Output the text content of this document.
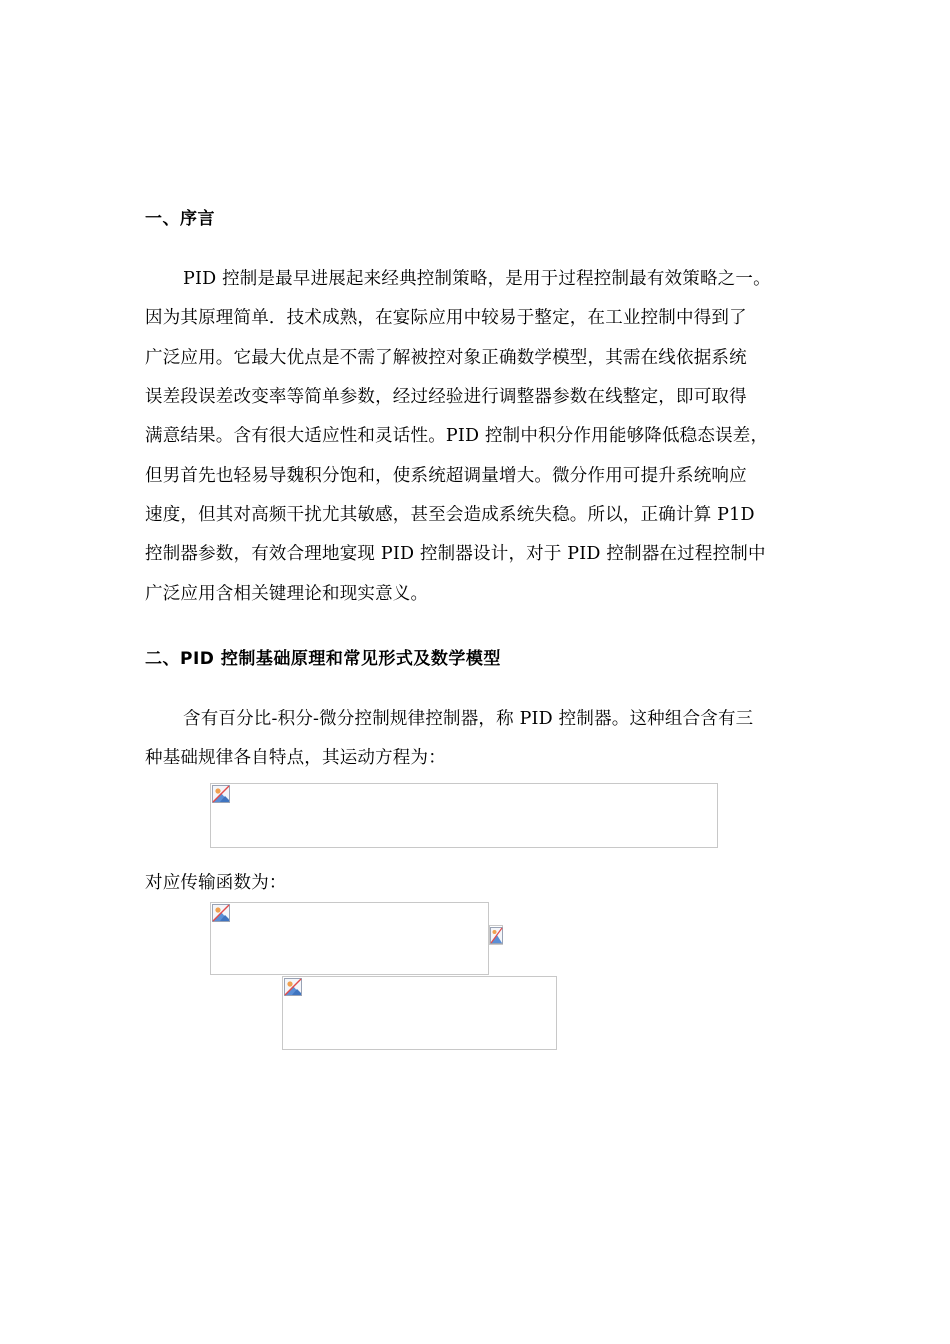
一、序言
PID 控制是最早进展起来经典控制策略，是用于过程控制最有效策略之一。
因为其原理简单．技术成熟，在宴际应用中较易于整定，在工业控制中得到了
广泛应用。它最大优点是不需了解被控对象正确数学模型，其需在线依据系统
误差段误差改变率等简单参数，经过经验进行调整器参数在线整定，即可取得
满意结果。含有很大适应性和灵话性。PID 控制中积分作用能够降低稳态误差，
但男首先也轻易导魏积分饱和，使系统超调量增大。微分作用可提升系统响应
速度，但其对高频干扰尤其敏感，甚至会造成系统失稳。所以，正确计算 P1D
控制器参数，有效合理地宴现 PID 控制器设计，对于 PID 控制器在过程控制中
广泛应用含相关键理论和现实意义。
二、PID 控制基础原理和常见形式及数学模型
含有百分比-积分-微分控制规律控制器，称 PID 控制器。这种组合含有三
种基础规律各自特点，其运动方程为：
对应传输函数为：
